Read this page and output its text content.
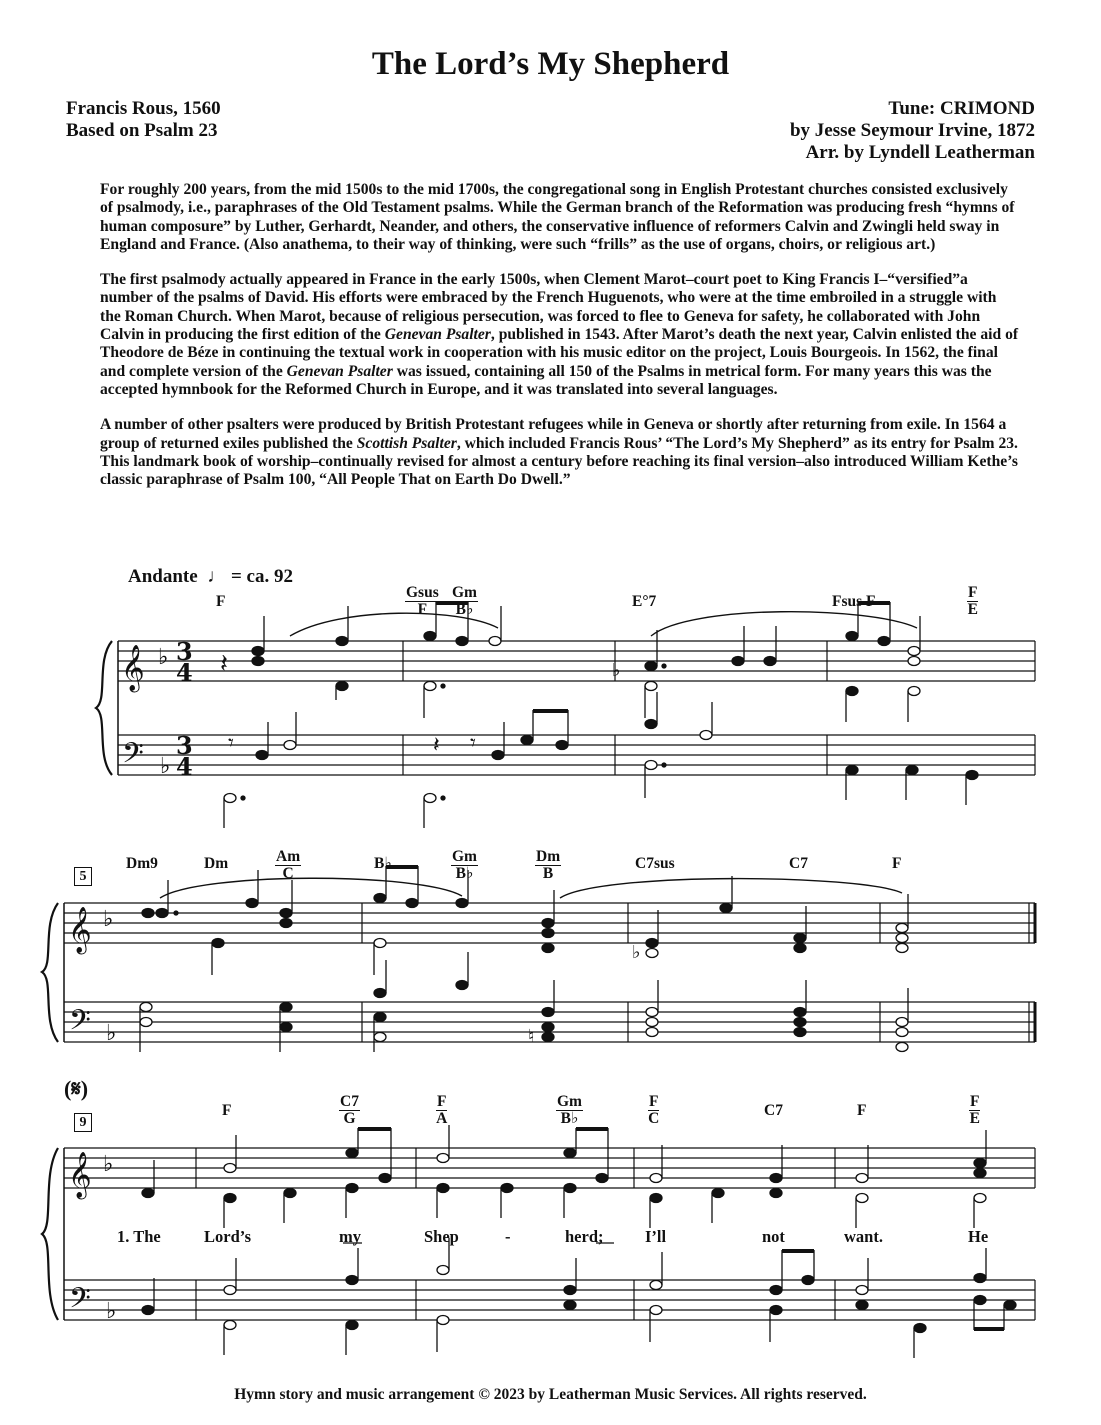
The Lord’s My Shepherd
Francis Rous, 1560
Based on Psalm 23
Tune: CRIMOND
by Jesse Seymour Irvine, 1872
Arr. by Lyndell Leatherman

For roughly 200 years, from the mid 1500s to the mid 1700s, the congregational song in English Protestant churches consisted exclusively of psalmody, i.e., paraphrases of the Old Testament psalms. While the German branch of the Reformation was producing fresh “hymns of human composure” by Luther, Gerhardt, Neander, and others, the conservative influence of reformers Calvin and Zwingli held sway in England and France. (Also anathema, to their way of thinking, were such “frills” as the use of organs, choirs, or religious art.)

The first psalmody actually appeared in France in the early 1500s, when Clement Marot–court poet to King Francis I–“versified”a number of the psalms of David. His efforts were embraced by the French Huguenots, who were at the time embroiled in a struggle with the Roman Church. When Marot, because of religious persecution, was forced to flee to Geneva for safety, he collaborated with John Calvin in producing the first edition of the Genevan Psalter, published in 1543. After Marot’s death the next year, Calvin enlisted the aid of Theodore de Béze in continuing the textual work in cooperation with his music editor on the project, Louis Bourgeois. In 1562, the final and complete version of the Genevan Psalter was issued, containing all 150 of the Psalms in metrical form. For many years this was the accepted hymnbook for the Reformed Church in Europe, and it was translated into several languages.

A number of other psalters were produced by British Protestant refugees while in Geneva or shortly after returning from exile. In 1564 a group of returned exiles published the Scottish Psalter, which included Francis Rous’ “The Lord’s My Shepherd” as its entry for Psalm 23. This landmark book of worship–continually revised for almost a century before reaching its final version–also introduced William Kethe’s classic paraphrase of Psalm 100, “All People That on Earth Do Dwell.”

Andante ♩ = ca. 92
F
Gsus
F
Gm
B♭	E°7	Fsus F
F
E
Dm9	Dm	Am
C
B♭	Gm
B♭
Dm
B
C7sus	C7	F
(𝄋)
5
9
F
C7
G
F
A
Gm
B♭
F
C	C7	F
F
E
1. The	Lord’s	my	Shep	-	herd;	I’ll	not	want.	He
𝄞
𝄢
𝄞
𝄢
𝄞
𝄢
♭
♭
♭
♭
♭
♭
3
4
3
4
𝄽
𝄽
𝄾	𝄾
♭
♭
♮
Hymn story and music arrangement © 2023 by Leatherman Music Services. All rights reserved.
